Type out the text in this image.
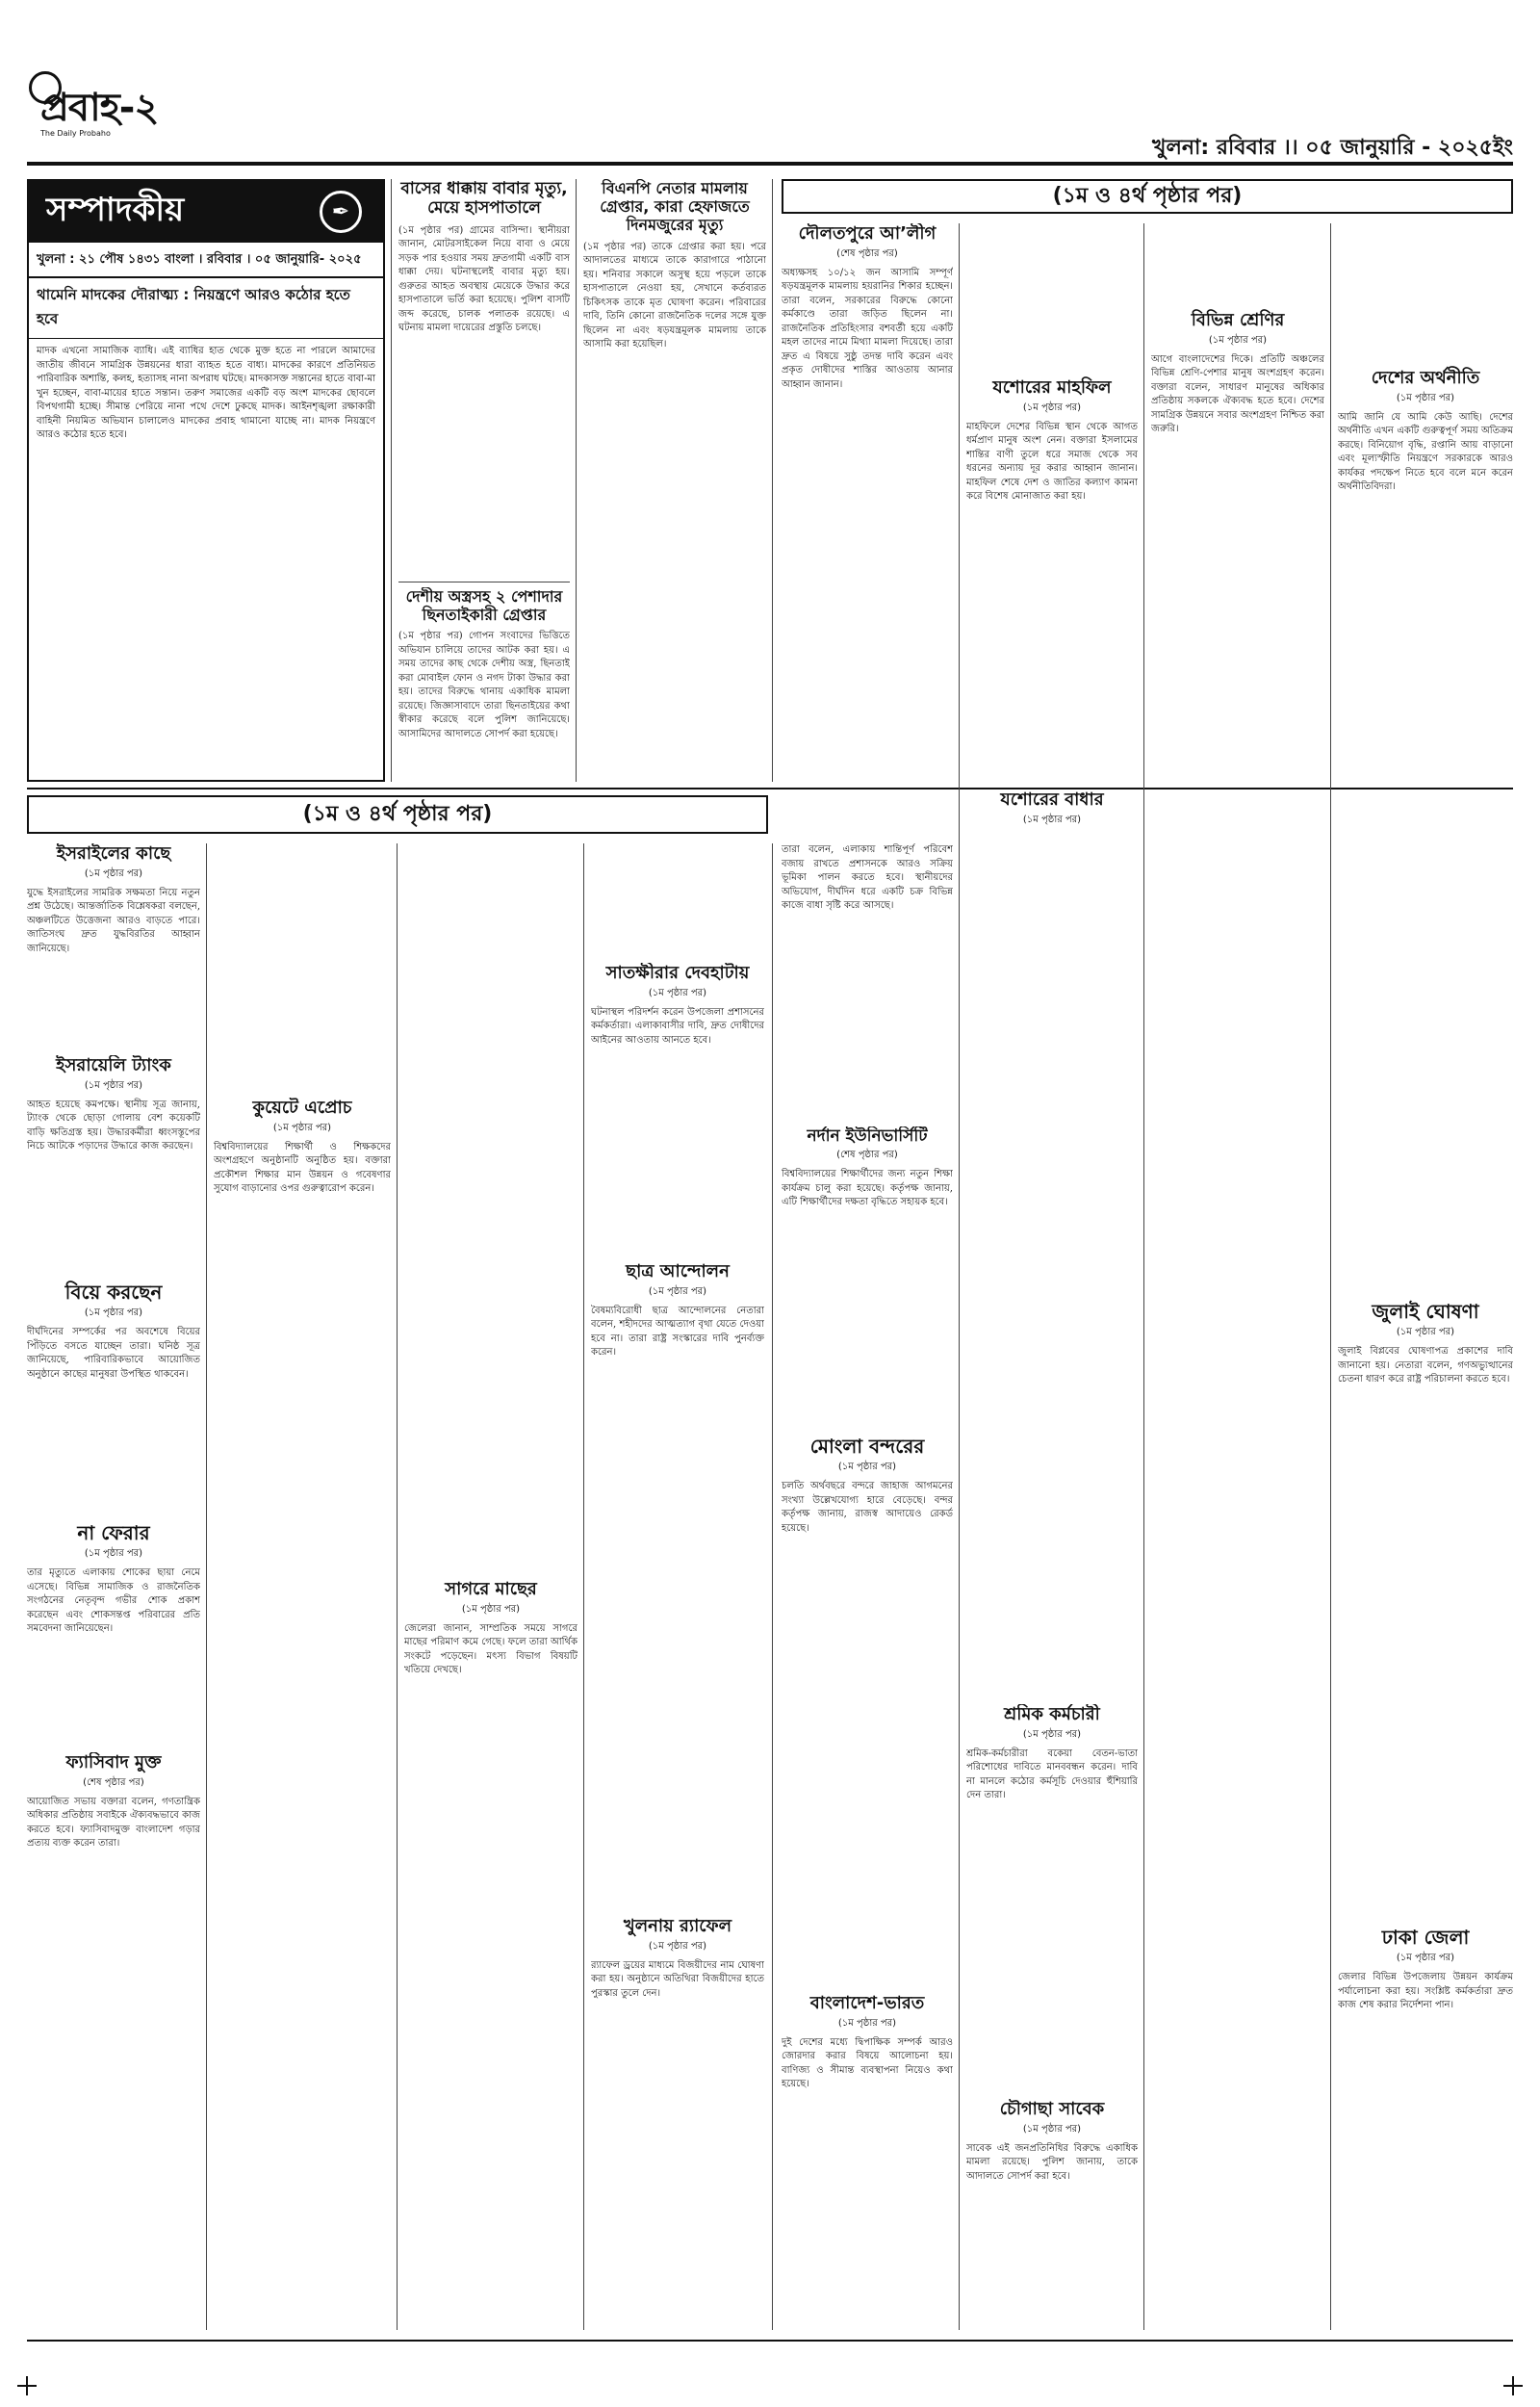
প্রবাহ-২
The Daily Probaho
খুলনা: রবিবার ।। ০৫ জানুয়ারি - ২০২৫ইং
সম্পাদকীয়	✒
খুলনা : ২১ পৌষ ১৪৩১ বাংলা । রবিবার । ০৫ জানুয়ারি- ২০২৫
থামেনি মাদকের দৌরাত্ম্য : নিয়ন্ত্রণে আরও কঠোর হতে হবে
মাদক এখনো সামাজিক ব্যাধি। এই ব্যাধির হাত থেকে মুক্ত হতে না পারলে আমাদের জাতীয় জীবনে সামগ্রিক উন্নয়নের ধারা ব্যাহত হতে বাধ্য। মাদকের কারণে প্রতিনিয়ত পারিবারিক অশান্তি, কলহ, হত্যাসহ নানা অপরাধ ঘটছে। মাদকাসক্ত সন্তানের হাতে বাবা-মা খুন হচ্ছেন, বাবা-মায়ের হাতে সন্তান। তরুণ সমাজের একটি বড় অংশ মাদকের ছোবলে বিপথগামী হচ্ছে। সীমান্ত পেরিয়ে নানা পথে দেশে ঢুকছে মাদক। আইনশৃঙ্খলা রক্ষাকারী বাহিনী নিয়মিত অভিযান চালালেও মাদকের প্রবাহ থামানো যাচ্ছে না। মাদক নিয়ন্ত্রণে আরও কঠোর হতে হবে।
বাসের ধাক্কায় বাবার মৃত্যু, মেয়ে হাসপাতালে
(১ম পৃষ্ঠার পর) গ্রামের বাসিন্দা। স্থানীয়রা জানান, মোটরসাইকেল নিয়ে বাবা ও মেয়ে সড়ক পার হওয়ার সময় দ্রুতগামী একটি বাস ধাক্কা দেয়। ঘটনাস্থলেই বাবার মৃত্যু হয়। গুরুতর আহত অবস্থায় মেয়েকে উদ্ধার করে হাসপাতালে ভর্তি করা হয়েছে। পুলিশ বাসটি জব্দ করেছে, চালক পলাতক রয়েছে। এ ঘটনায় মামলা দায়েরের প্রস্তুতি চলছে।
দেশীয় অস্ত্রসহ ২ পেশাদার ছিনতাইকারী গ্রেপ্তার
(১ম পৃষ্ঠার পর) গোপন সংবাদের ভিত্তিতে অভিযান চালিয়ে তাদের আটক করা হয়। এ সময় তাদের কাছ থেকে দেশীয় অস্ত্র, ছিনতাই করা মোবাইল ফোন ও নগদ টাকা উদ্ধার করা হয়। তাদের বিরুদ্ধে থানায় একাধিক মামলা রয়েছে। জিজ্ঞাসাবাদে তারা ছিনতাইয়ের কথা স্বীকার করেছে বলে পুলিশ জানিয়েছে। আসামিদের আদালতে সোপর্দ করা হয়েছে।
বিএনপি নেতার মামলায় গ্রেপ্তার, কারা হেফাজতে দিনমজুরের মৃত্যু
(১ম পৃষ্ঠার পর) তাকে গ্রেপ্তার করা হয়। পরে আদালতের মাধ্যমে তাকে কারাগারে পাঠানো হয়। শনিবার সকালে অসুস্থ হয়ে পড়লে তাকে হাসপাতালে নেওয়া হয়, সেখানে কর্তব্যরত চিকিৎসক তাকে মৃত ঘোষণা করেন। পরিবারের দাবি, তিনি কোনো রাজনৈতিক দলের সঙ্গে যুক্ত ছিলেন না এবং ষড়যন্ত্রমূলক মামলায় তাকে আসামি করা হয়েছিল।
(১ম ও ৪র্থ পৃষ্ঠার পর)
দৌলতপুরে আ’লীগ
(শেষ পৃষ্ঠার পর)
অধ্যক্ষসহ ১০/১২ জন আসামি সম্পূর্ণ ষড়যন্ত্রমূলক মামলায় হয়রানির শিকার হচ্ছেন। তারা বলেন, সরকারের বিরুদ্ধে কোনো কর্মকাণ্ডে তারা জড়িত ছিলেন না। রাজনৈতিক প্রতিহিংসার বশবর্তী হয়ে একটি মহল তাদের নামে মিথ্যা মামলা দিয়েছে। তারা দ্রুত এ বিষয়ে সুষ্ঠু তদন্ত দাবি করেন এবং প্রকৃত দোষীদের শাস্তির আওতায় আনার আহ্বান জানান।	যশোরের মাহফিল
(১ম পৃষ্ঠার পর)
মাহফিলে দেশের বিভিন্ন স্থান থেকে আগত ধর্মপ্রাণ মানুষ অংশ নেন। বক্তারা ইসলামের শান্তির বাণী তুলে ধরে সমাজ থেকে সব ধরনের অন্যায় দূর করার আহ্বান জানান। মাহফিল শেষে দেশ ও জাতির কল্যাণ কামনা করে বিশেষ মোনাজাত করা হয়।
বিভিন্ন শ্রেণির
(১ম পৃষ্ঠার পর)
আগে বাংলাদেশের দিকে। প্রতিটি অঞ্চলের বিভিন্ন শ্রেণি-পেশার মানুষ অংশগ্রহণ করেন। বক্তারা বলেন, সাধারণ মানুষের অধিকার প্রতিষ্ঠায় সকলকে ঐক্যবদ্ধ হতে হবে। দেশের সামগ্রিক উন্নয়নে সবার অংশগ্রহণ নিশ্চিত করা জরুরি।
দেশের অর্থনীতি
(১ম পৃষ্ঠার পর)
আমি জানি যে আমি কেউ আছি। দেশের অর্থনীতি এখন একটি গুরুত্বপূর্ণ সময় অতিক্রম করছে। বিনিয়োগ বৃদ্ধি, রপ্তানি আয় বাড়ানো এবং মূল্যস্ফীতি নিয়ন্ত্রণে সরকারকে আরও কার্যকর পদক্ষেপ নিতে হবে বলে মনে করেন অর্থনীতিবিদরা।
(১ম ও ৪র্থ পৃষ্ঠার পর)
ইসরাইলের কাছে
(১ম পৃষ্ঠার পর)
যুদ্ধে ইসরাইলের সামরিক সক্ষমতা নিয়ে নতুন প্রশ্ন উঠেছে। আন্তর্জাতিক বিশ্লেষকরা বলছেন, অঞ্চলটিতে উত্তেজনা আরও বাড়তে পারে। জাতিসংঘ দ্রুত যুদ্ধবিরতির আহ্বান জানিয়েছে।
ইসরায়েলি ট্যাংক
(১ম পৃষ্ঠার পর)
আহত হয়েছে কমপক্ষে। স্থানীয় সূত্র জানায়, ট্যাংক থেকে ছোড়া গোলায় বেশ কয়েকটি বাড়ি ক্ষতিগ্রস্ত হয়। উদ্ধারকর্মীরা ধ্বংসস্তূপের নিচে আটকে পড়াদের উদ্ধারে কাজ করছেন।
বিয়ে করছেন
(১ম পৃষ্ঠার পর)
দীর্ঘদিনের সম্পর্কের পর অবশেষে বিয়ের পিঁড়িতে বসতে যাচ্ছেন তারা। ঘনিষ্ঠ সূত্র জানিয়েছে, পারিবারিকভাবে আয়োজিত অনুষ্ঠানে কাছের মানুষরা উপস্থিত থাকবেন।
না ফেরার
(১ম পৃষ্ঠার পর)
তার মৃত্যুতে এলাকায় শোকের ছায়া নেমে এসেছে। বিভিন্ন সামাজিক ও রাজনৈতিক সংগঠনের নেতৃবৃন্দ গভীর শোক প্রকাশ করেছেন এবং শোকসন্তপ্ত পরিবারের প্রতি সমবেদনা জানিয়েছেন।
ফ্যাসিবাদ মুক্ত
(শেষ পৃষ্ঠার পর)
আয়োজিত সভায় বক্তারা বলেন, গণতান্ত্রিক অধিকার প্রতিষ্ঠায় সবাইকে ঐক্যবদ্ধভাবে কাজ করতে হবে। ফ্যাসিবাদমুক্ত বাংলাদেশ গড়ার প্রত্যয় ব্যক্ত করেন তারা।
কুয়েটে এপ্রোচ
(১ম পৃষ্ঠার পর)
বিশ্ববিদ্যালয়ের শিক্ষার্থী ও শিক্ষকদের অংশগ্রহণে অনুষ্ঠানটি অনুষ্ঠিত হয়। বক্তারা প্রকৌশল শিক্ষার মান উন্নয়ন ও গবেষণার সুযোগ বাড়ানোর ওপর গুরুত্বারোপ করেন।
সাগরে মাছের
(১ম পৃষ্ঠার পর)
জেলেরা জানান, সাম্প্রতিক সময়ে সাগরে মাছের পরিমাণ কমে গেছে। ফলে তারা আর্থিক সংকটে পড়েছেন। মৎস্য বিভাগ বিষয়টি খতিয়ে দেখছে।
সাতক্ষীরার দেবহাটায়
(১ম পৃষ্ঠার পর)
ঘটনাস্থল পরিদর্শন করেন উপজেলা প্রশাসনের কর্মকর্তারা। এলাকাবাসীর দাবি, দ্রুত দোষীদের আইনের আওতায় আনতে হবে।
ছাত্র আন্দোলন
(১ম পৃষ্ঠার পর)
বৈষম্যবিরোধী ছাত্র আন্দোলনের নেতারা বলেন, শহীদদের আত্মত্যাগ বৃথা যেতে দেওয়া হবে না। তারা রাষ্ট্র সংস্কারের দাবি পুনর্ব্যক্ত করেন।
খুলনায় র‍্যাফেল
(১ম পৃষ্ঠার পর)
র‍্যাফেল ড্রয়ের মাধ্যমে বিজয়ীদের নাম ঘোষণা করা হয়। অনুষ্ঠানে অতিথিরা বিজয়ীদের হাতে পুরস্কার তুলে দেন।
তারা বলেন, এলাকায় শান্তিপূর্ণ পরিবেশ বজায় রাখতে প্রশাসনকে আরও সক্রিয় ভূমিকা পালন করতে হবে। স্থানীয়দের অভিযোগ, দীর্ঘদিন ধরে একটি চক্র বিভিন্ন কাজে বাধা সৃষ্টি করে আসছে।
নর্দান ইউনিভার্সিটি
(শেষ পৃষ্ঠার পর)
বিশ্ববিদ্যালয়ের শিক্ষার্থীদের জন্য নতুন শিক্ষা কার্যক্রম চালু করা হয়েছে। কর্তৃপক্ষ জানায়, এটি শিক্ষার্থীদের দক্ষতা বৃদ্ধিতে সহায়ক হবে।
মোংলা বন্দরের
(১ম পৃষ্ঠার পর)
চলতি অর্থবছরে বন্দরে জাহাজ আগমনের সংখ্যা উল্লেখযোগ্য হারে বেড়েছে। বন্দর কর্তৃপক্ষ জানায়, রাজস্ব আদায়েও রেকর্ড হয়েছে।
বাংলাদেশ-ভারত
(১ম পৃষ্ঠার পর)
দুই দেশের মধ্যে দ্বিপাক্ষিক সম্পর্ক আরও জোরদার করার বিষয়ে আলোচনা হয়। বাণিজ্য ও সীমান্ত ব্যবস্থাপনা নিয়েও কথা হয়েছে।
যশোরের বাধার
(১ম পৃষ্ঠার পর)
শ্রমিক কর্মচারী
(১ম পৃষ্ঠার পর)
শ্রমিক-কর্মচারীরা বকেয়া বেতন-ভাতা পরিশোধের দাবিতে মানববন্ধন করেন। দাবি না মানলে কঠোর কর্মসূচি দেওয়ার হুঁশিয়ারি দেন তারা।
চৌগাছা সাবেক
(১ম পৃষ্ঠার পর)
সাবেক এই জনপ্রতিনিধির বিরুদ্ধে একাধিক মামলা রয়েছে। পুলিশ জানায়, তাকে আদালতে সোপর্দ করা হবে।
জুলাই ঘোষণা
(১ম পৃষ্ঠার পর)
জুলাই বিপ্লবের ঘোষণাপত্র প্রকাশের দাবি জানানো হয়। নেতারা বলেন, গণঅভ্যুত্থানের চেতনা ধারণ করে রাষ্ট্র পরিচালনা করতে হবে।
ঢাকা জেলা
(১ম পৃষ্ঠার পর)
জেলার বিভিন্ন উপজেলায় উন্নয়ন কার্যক্রম পর্যালোচনা করা হয়। সংশ্লিষ্ট কর্মকর্তারা দ্রুত কাজ শেষ করার নির্দেশনা পান।
